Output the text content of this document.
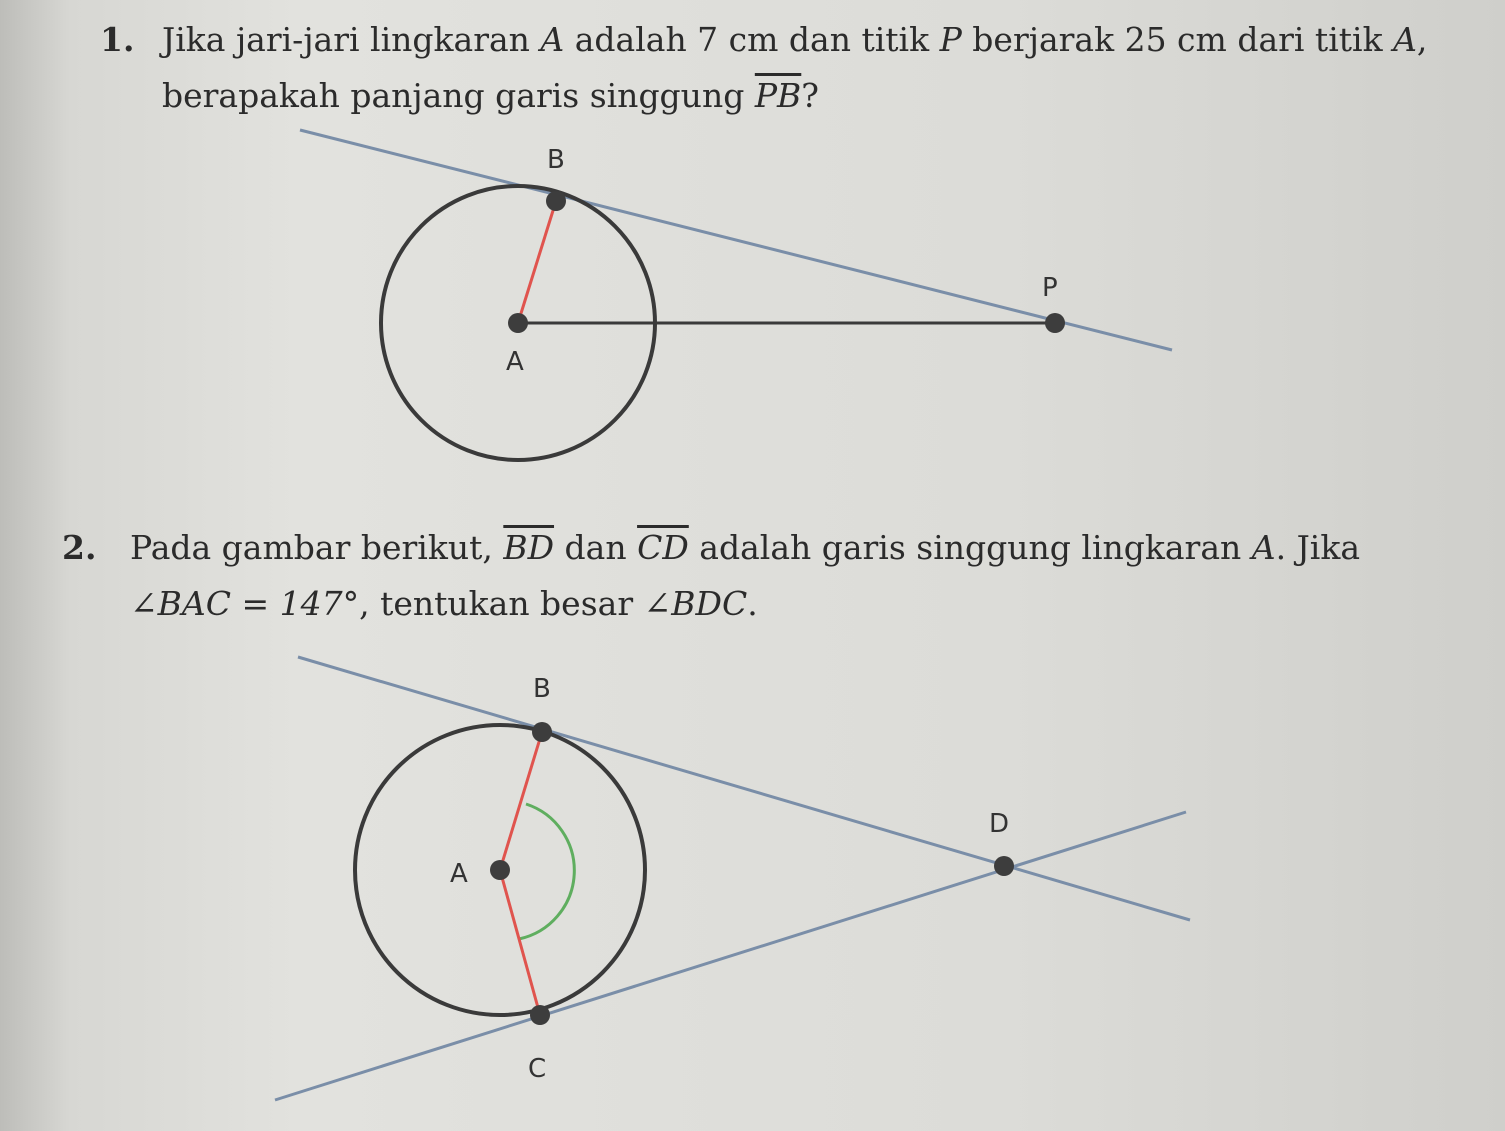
1. Jika jari-jari lingkaran A adalah 7 cm dan titik P berjarak 25 cm dari titik A,
berapakah panjang garis singgung $\overline{PB}$?
2. Pada gambar berikut, $\overline{BD}$ dan $\overline{CD}$ adalah garis singgung lingkaran A. Jika
∠BAC = 147°, tentukan besar ∠BDC.
B
P
A
B
D
A
C
